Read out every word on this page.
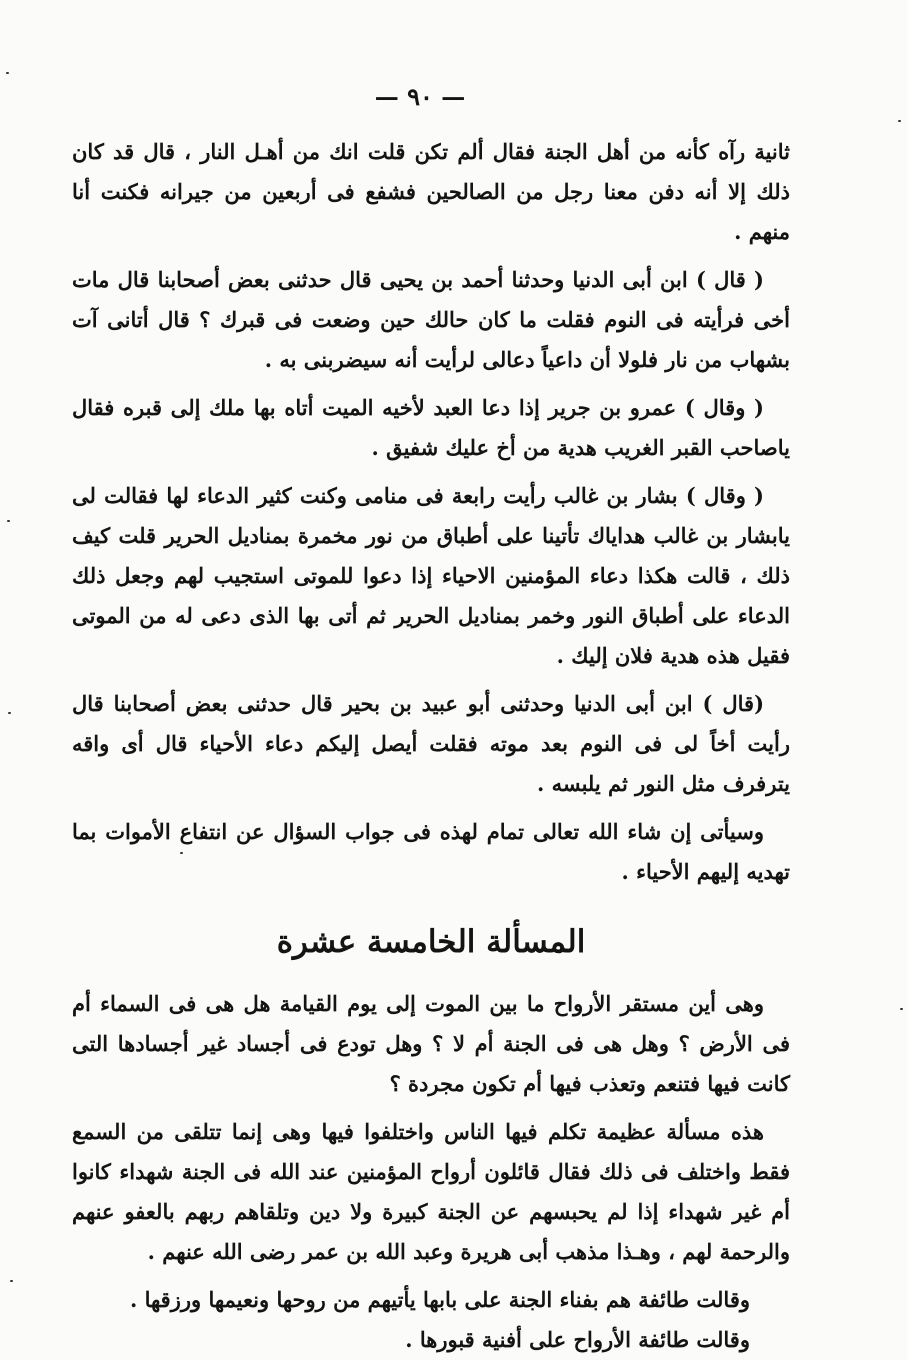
— ٩٠ —

ثانية رآه كأنه من أهل الجنة فقال ألم تكن قلت انك من أهـل النار ، قال قد كان ذلك إلا أنه دفن معنا رجل من الصالحين فشفع فى أربعين من جيرانه فكنت أنا منهم .

( قال ) ابن أبى الدنيا وحدثنا أحمد بن يحيى قال حدثنى بعض أصحابنا قال مات أخى فرأيته فى النوم فقلت ما كان حالك حين وضعت فى قبرك ؟ قال أتانى آت بشهاب من نار فلولا أن داعياً دعالى لرأيت أنه سيضربنى به .

( وقال ) عمرو بن جرير إذا دعا العبد لأخيه الميت أتاه بها ملك إلى قبره فقال ياصاحب القبر الغريب هدية من أخ عليك شفيق .

( وقال ) بشار بن غالب رأيت رابعة فى منامى وكنت كثير الدعاء لها فقالت لى يابشار بن غالب هداياك تأتينا على أطباق من نور مخمرة بمناديل الحرير قلت كيف ذلك ، قالت هكذا دعاء المؤمنين الاحياء إذا دعوا للموتى استجيب لهم وجعل ذلك الدعاء على أطباق النور وخمر بمناديل الحرير ثم أتى بها الذى دعى له من الموتى فقيل هذه هدية فلان إليك .

(قال ) ابن أبى الدنيا وحدثنى أبو عبيد بن بحير قال حدثنى بعض أصحابنا قال رأيت أخاً لى فى النوم بعد موته فقلت أيصل إليكم دعاء الأحياء قال أى واقه يترفرف مثل النور ثم يلبسه .

وسيأتى إن شاء الله تعالى تمام لهذه فى جواب السؤال عن انتفاع الأموات بما تهديه إليهم الأحياء .

المسألة الخامسة عشرة

وهى أين مستقر الأرواح ما بين الموت إلى يوم القيامة هل هى فى السماء أم فى الأرض ؟ وهل هى فى الجنة أم لا ؟ وهل تودع فى أجساد غير أجسادها التى كانت فيها فتنعم وتعذب فيها أم تكون مجردة ؟

هذه مسألة عظيمة تكلم فيها الناس واختلفوا فيها وهى إنما تتلقى من السمع فقط واختلف فى ذلك فقال قائلون أرواح المؤمنين عند الله فى الجنة شهداء كانوا أم غير شهداء إذا لم يحبسهم عن الجنة كبيرة ولا دين وتلقاهم ربهم بالعفو عنهم والرحمة لهم ، وهـذا مذهب أبى هريرة وعبد الله بن عمر رضى الله عنهم .

وقالت طائفة هم بفناء الجنة على بابها يأتيهم من روحها ونعيمها ورزقها .

وقالت طائفة الأرواح على أفنية قبورها .
